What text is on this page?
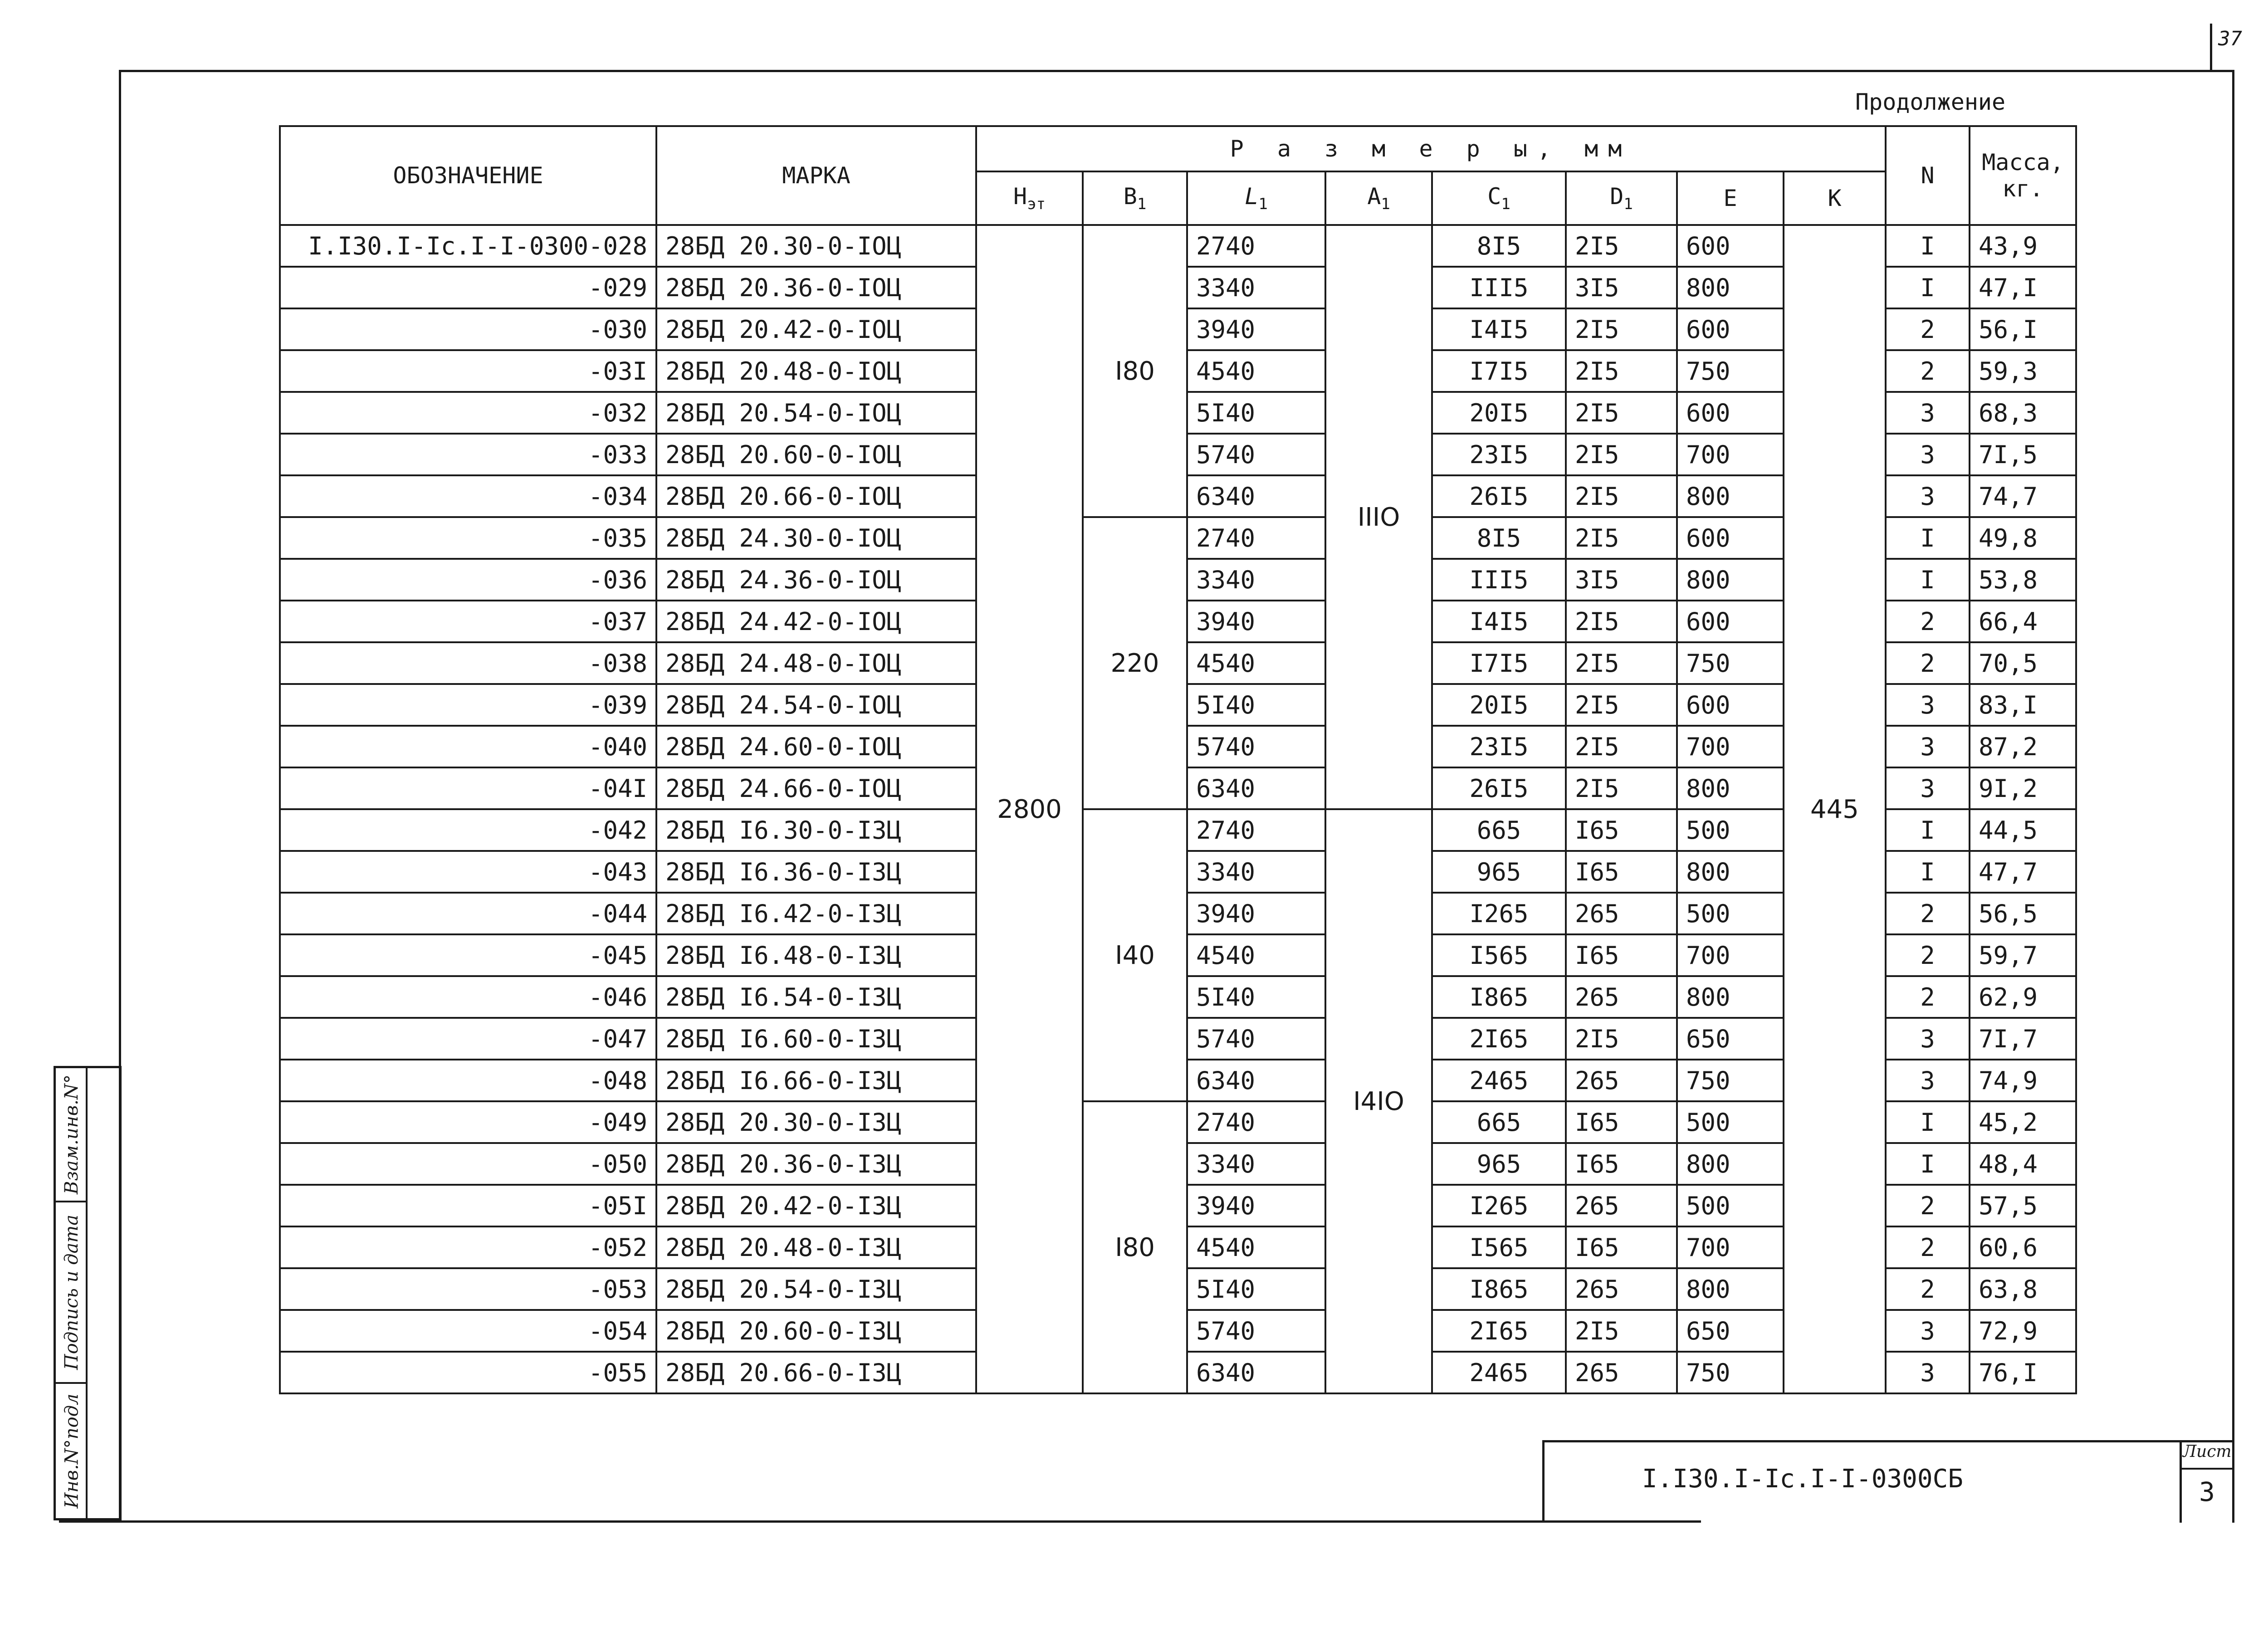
37
Продолжение
ОБОЗНАЧЕНИЕ	МАРКА	Р а з м е р ы, мм								N	Масса,
кг.

		$Н_{эт}$	$В_1$	$L_1$	$А_1$	$С_1$	$D_1$	Е	К		
I.I30.I-Ic.I-I-0300-028	28БД 20.30-0-IOЦ	2800	I80	2740	IIIO	8I5	2I5	600	445	I	43,9
-029	28БД 20.36-0-IOЦ			3340		III5	3I5	800		I	47,I
-030	28БД 20.42-0-IOЦ			3940		I4I5	2I5	600		2	56,I
-03I	28БД 20.48-0-IOЦ			4540		I7I5	2I5	750		2	59,3
-032	28БД 20.54-0-IOЦ			5I40		20I5	2I5	600		3	68,3
-033	28БД 20.60-0-IOЦ			5740		23I5	2I5	700		3	7I,5
-034	28БД 20.66-0-IOЦ			6340		26I5	2I5	800		3	74,7
-035	28БД 24.30-0-IOЦ		220	2740		8I5	2I5	600		I	49,8
-036	28БД 24.36-0-IOЦ			3340		III5	3I5	800		I	53,8
-037	28БД 24.42-0-IOЦ			3940		I4I5	2I5	600		2	66,4
-038	28БД 24.48-0-IOЦ			4540		I7I5	2I5	750		2	70,5
-039	28БД 24.54-0-IOЦ			5I40		20I5	2I5	600		3	83,I
-040	28БД 24.60-0-IOЦ			5740		23I5	2I5	700		3	87,2
-04I	28БД 24.66-0-IOЦ			6340		26I5	2I5	800		3	9I,2
-042	28БД I6.30-0-I3Ц		I40	2740	I4IO	665	I65	500		I	44,5
-043	28БД I6.36-0-I3Ц			3340		965	I65	800		I	47,7
-044	28БД I6.42-0-I3Ц			3940		I265	265	500		2	56,5
-045	28БД I6.48-0-I3Ц			4540		I565	I65	700		2	59,7
-046	28БД I6.54-0-I3Ц			5I40		I865	265	800		2	62,9
-047	28БД I6.60-0-I3Ц			5740		2I65	2I5	650		3	7I,7
-048	28БД I6.66-0-I3Ц			6340		2465	265	750		3	74,9
-049	28БД 20.30-0-I3Ц		I80	2740		665	I65	500		I	45,2
-050	28БД 20.36-0-I3Ц			3340		965	I65	800		I	48,4
-05I	28БД 20.42-0-I3Ц			3940		I265	265	500		2	57,5
-052	28БД 20.48-0-I3Ц			4540		I565	I65	700		2	60,6
-053	28БД 20.54-0-I3Ц			5I40		I865	265	800		2	63,8
-054	28БД 20.60-0-I3Ц			5740		2I65	2I5	650		3	72,9
-055	28БД 20.66-0-I3Ц			6340		2465	265	750		3	76,I
Взам.инв.N°
Подпись и дата
Инв.N°подл	I.I30.I-Ic.I-I-0300СБ
Лист
3
